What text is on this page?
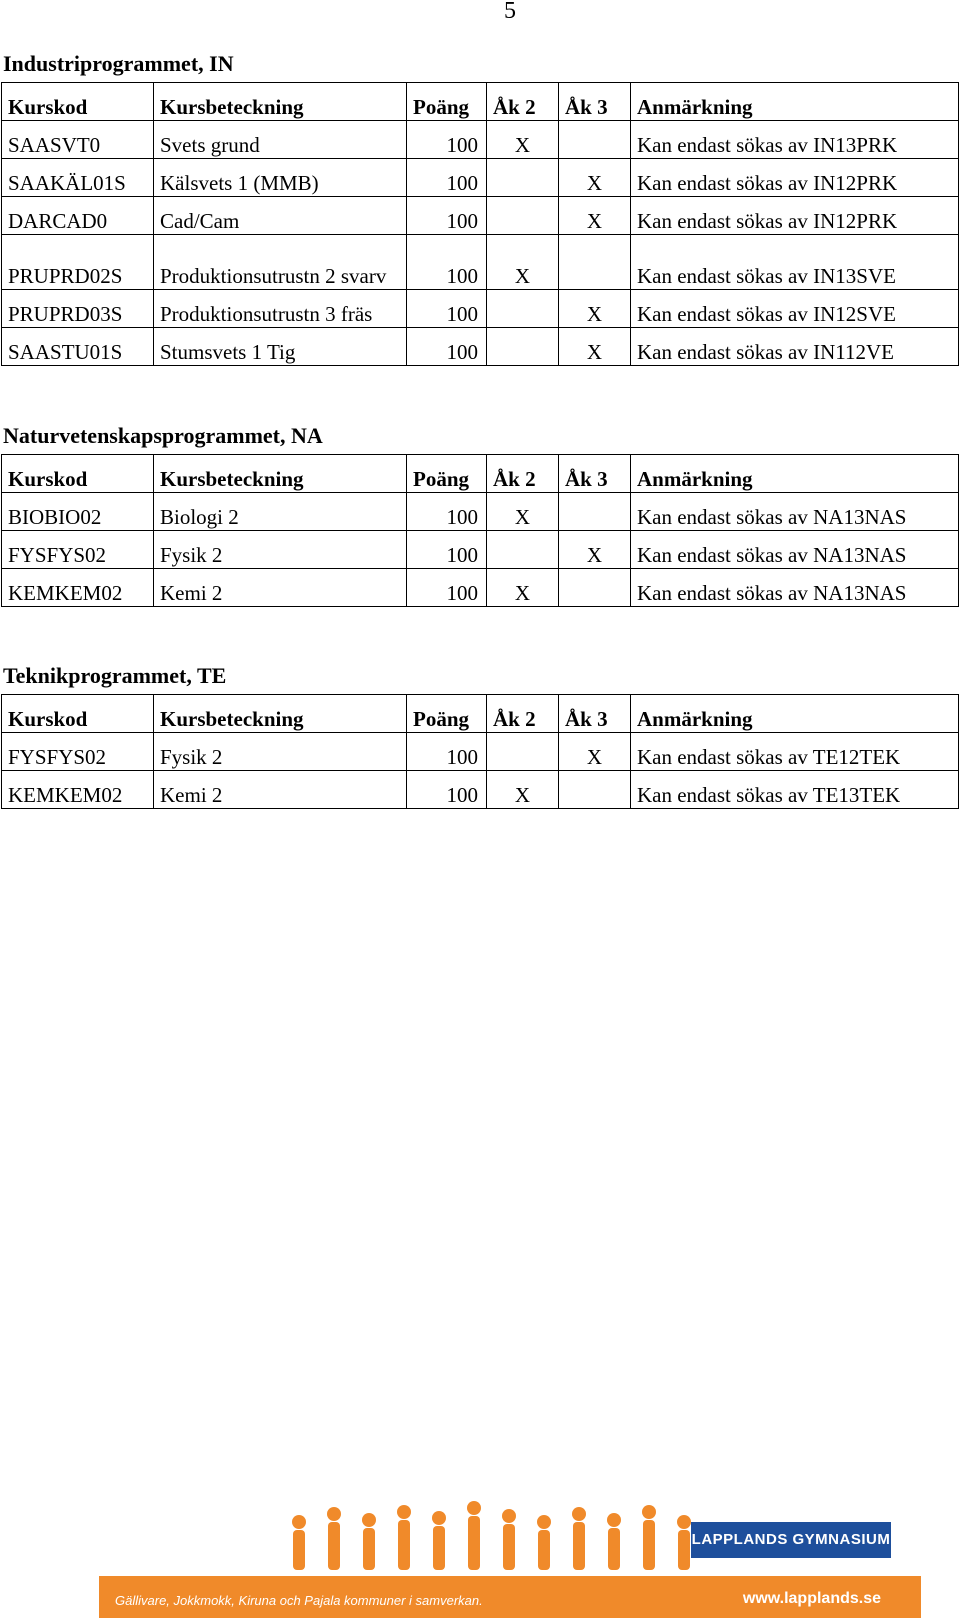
5
Industriprogrammet, IN
Kurskod	Kursbeteckning	Poäng	Åk 2	Åk 3	Anmärkning
SAASVT0	Svets grund	100	X		Kan endast sökas av IN13PRK
SAAKÄL01S	Kälsvets 1 (MMB)	100		X	Kan endast sökas av IN12PRK
DARCAD0	Cad/Cam	100		X	Kan endast sökas av IN12PRK
PRUPRD02S	Produktionsutrustn 2 svarv	100	X		Kan endast sökas av IN13SVE
PRUPRD03S	Produktionsutrustn 3 fräs	100		X	Kan endast sökas av IN12SVE
SAASTU01S	Stumsvets 1 Tig	100		X	Kan endast sökas av IN112VE
Naturvetenskapsprogrammet, NA
Kurskod	Kursbeteckning	Poäng	Åk 2	Åk 3	Anmärkning
BIOBIO02	Biologi 2	100	X		Kan endast sökas av NA13NAS
FYSFYS02	Fysik 2	100		X	Kan endast sökas av NA13NAS
KEMKEM02	Kemi 2	100	X		Kan endast sökas av NA13NAS
Teknikprogrammet, TE
Kurskod	Kursbeteckning	Poäng	Åk 2	Åk 3	Anmärkning
FYSFYS02	Fysik 2	100		X	Kan endast sökas av TE12TEK
KEMKEM02	Kemi 2	100	X		Kan endast sökas av TE13TEK
LAPPLANDS GYMNASIUM
Gällivare, Jokkmokk, Kiruna och Pajala kommuner i samverkan.	www.lapplands.se
